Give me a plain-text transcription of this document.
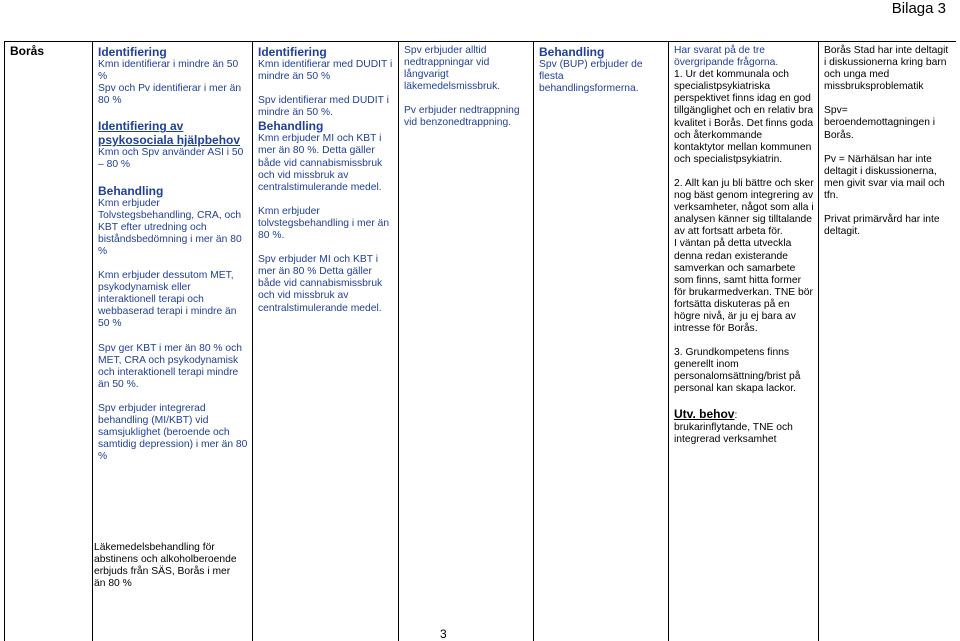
Bilaga 3
Borås	Identifiering

Kmn identifierar i mindre än 50 %
Spv och Pv identifierar i mer än 80 %

Identifiering av psykosociala hjälpbehov

Kmn och Spv använder ASI i 50 – 80 %

Behandling

Kmn erbjuder Tolvstegsbehandling, CRA, och KBT efter utredning och biståndsbedömning i mer än 80 %

Kmn erbjuder dessutom MET, psykodynamisk eller interaktionell terapi och webbaserad terapi i mindre än 50 %

Spv ger KBT i mer än 80 % och MET, CRA och psykodynamisk och interaktionell terapi mindre än 50 %.

Spv erbjuder integrerad behandling (MI/KBT) vid samsjuklighet (beroende och samtidig depression) i mer än 80 %

Identifiering

Kmn identifierar med DUDIT i mindre än 50 %

Spv identifierar med DUDIT i mindre än 50 %.

Behandling

Kmn erbjuder MI och KBT i mer än 80 %. Detta gäller både vid cannabismissbruk och vid missbruk av centralstimulerande medel.

Kmn erbjuder tolvstegsbehandling i mer än 80 %.

Spv erbjuder MI och KBT i mer än 80 % Detta gäller både vid cannabismissbruk och vid missbruk av centralstimulerande medel.

Spv erbjuder alltid nedtrappningar vid långvarigt läkemedelsmissbruk.

Pv erbjuder nedtrappning vid benzonedtrappning.

Behandling

Spv (BUP) erbjuder de flesta behandlingsformerna.

Har svarat på de tre övergripande frågorna.

1. Ur det kommunala och specialistpsykiatriska perspektivet finns idag en god tillgänglighet och en relativ bra kvalitet i Borås. Det finns goda och återkommande kontaktytor mellan kommunen och specialistpsykiatrin.

2. Allt kan ju bli bättre och sker nog bäst genom integrering av verksamheter, något som alla i analysen känner sig tilltalande av att fortsatt arbeta för.

I väntan på detta utveckla denna redan existerande samverkan och samarbete som finns, samt hitta former för brukarmedverkan. TNE bör fortsätta diskuteras på en högre nivå, är ju ej bara av intresse för Borås.

3. Grundkompetens finns generellt inom personalomsättning/brist på personal kan skapa lackor.

Utv. behov:
brukarinflytande, TNE och integrerad verksamhet

Borås Stad har inte deltagit i diskussionerna kring barn och unga med missbruksproblematik

Spv= beroendemottagningen i Borås.

Pv = Närhälsan har inte deltagit i diskussionerna, men givit svar via mail och tfn.

Privat primärvård har inte deltagit.

Läkemedelsbehandling för abstinens och alkoholberoende erbjuds från SÄS, Borås i mer än 80 %
3
